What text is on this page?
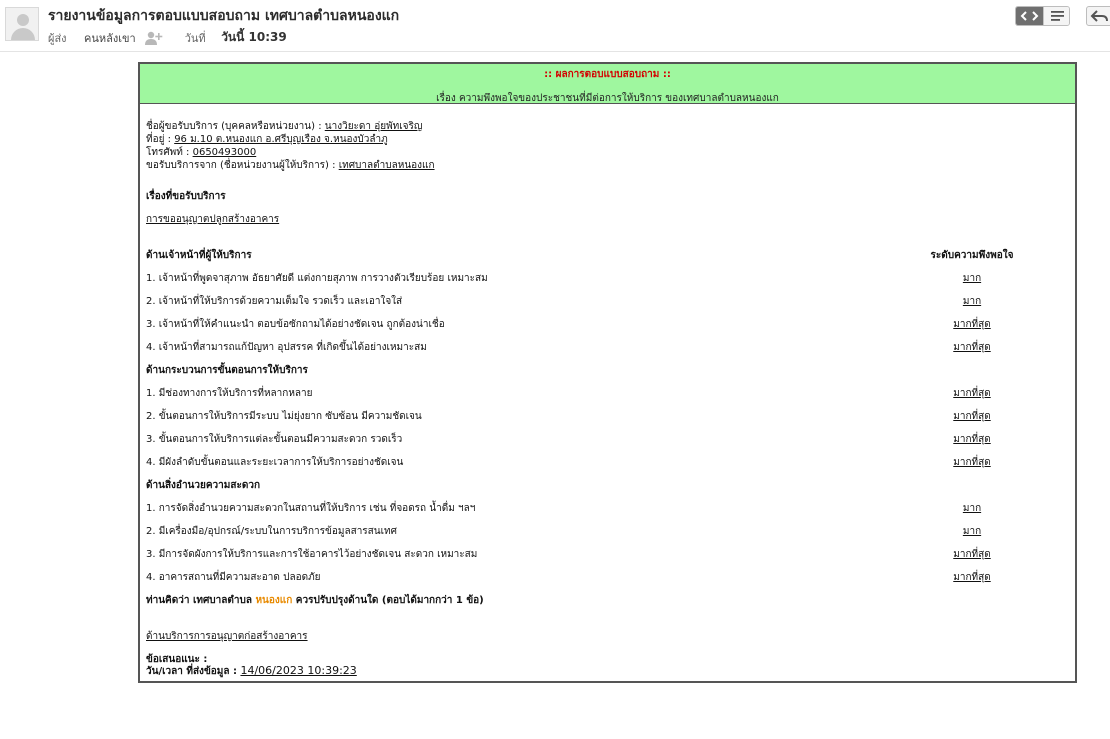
รายงานข้อมูลการตอบแบบสอบถาม เทศบาลตำบลหนองแก
ผู้ส่ง คนหลังเขา	วันที่ วันนี้ 10:39
:: ผลการตอบแบบสอบถาม ::
เรื่อง ความพึงพอใจของประชาชนที่มีต่อการให้บริการ ของเทศบาลตำบลหนองแก
ชื่อผู้ขอรับบริการ (บุคคลหรือหน่วยงาน) : นางวิยะดา อุ่ยพัทเจริญ
ที่อยู่ : 96 ม.10 ต.หนองแก อ.ศรีบุญเรือง จ.หนองบัวลำภู
โทรศัพท์ : 0650493000
ขอรับบริการจาก (ชื่อหน่วยงานผู้ให้บริการ) : เทศบาลตำบลหนองแก
เรื่องที่ขอรับบริการ
การขออนุญาตปลูกสร้างอาคาร
ระดับความพึงพอใจ
ด้านเจ้าหน้าที่ผู้ให้บริการ
1. เจ้าหน้าที่พูดจาสุภาพ อัธยาศัยดี แต่งกายสุภาพ การวางตัวเรียบร้อย เหมาะสม	มาก
2. เจ้าหน้าที่ให้บริการด้วยความเต็มใจ รวดเร็ว และเอาใจใส่	มาก
3. เจ้าหน้าที่ให้คำแนะนำ ตอบข้อซักถามได้อย่างชัดเจน ถูกต้องน่าเชื่อ	มากที่สุด
4. เจ้าหน้าที่สามารถแก้ปัญหา อุปสรรค ที่เกิดขึ้นได้อย่างเหมาะสม	มากที่สุด
ด้านกระบวนการขั้นตอนการให้บริการ
1. มีช่องทางการให้บริการที่หลากหลาย	มากที่สุด
2. ขั้นตอนการให้บริการมีระบบ ไม่ยุ่งยาก ซับซ้อน มีความชัดเจน	มากที่สุด
3. ขั้นตอนการให้บริการแต่ละขั้นตอนมีความสะดวก รวดเร็ว	มากที่สุด
4. มีผังลำดับขั้นตอนและระยะเวลาการให้บริการอย่างชัดเจน	มากที่สุด
ด้านสิ่งอำนวยความสะดวก
1. การจัดสิ่งอำนวยความสะดวกในสถานที่ให้บริการ เช่น ที่จอดรถ น้ำดื่ม ฯลฯ	มาก
2. มีเครื่องมือ/อุปกรณ์/ระบบในการบริการข้อมูลสารสนเทศ	มาก
3. มีการจัดผังการให้บริการและการใช้อาคารไว้อย่างชัดเจน สะดวก เหมาะสม	มากที่สุด
4. อาคารสถานที่มีความสะอาด ปลอดภัย	มากที่สุด
ท่านคิดว่า เทศบาลตำบล หนองแก ควรปรับปรุงด้านใด (ตอบได้มากกว่า 1 ข้อ)
ด้านบริการการอนุญาตก่อสร้างอาคาร
ข้อเสนอแนะ :
วัน/เวลา ที่ส่งข้อมูล : 14/06/2023 10:39:23
